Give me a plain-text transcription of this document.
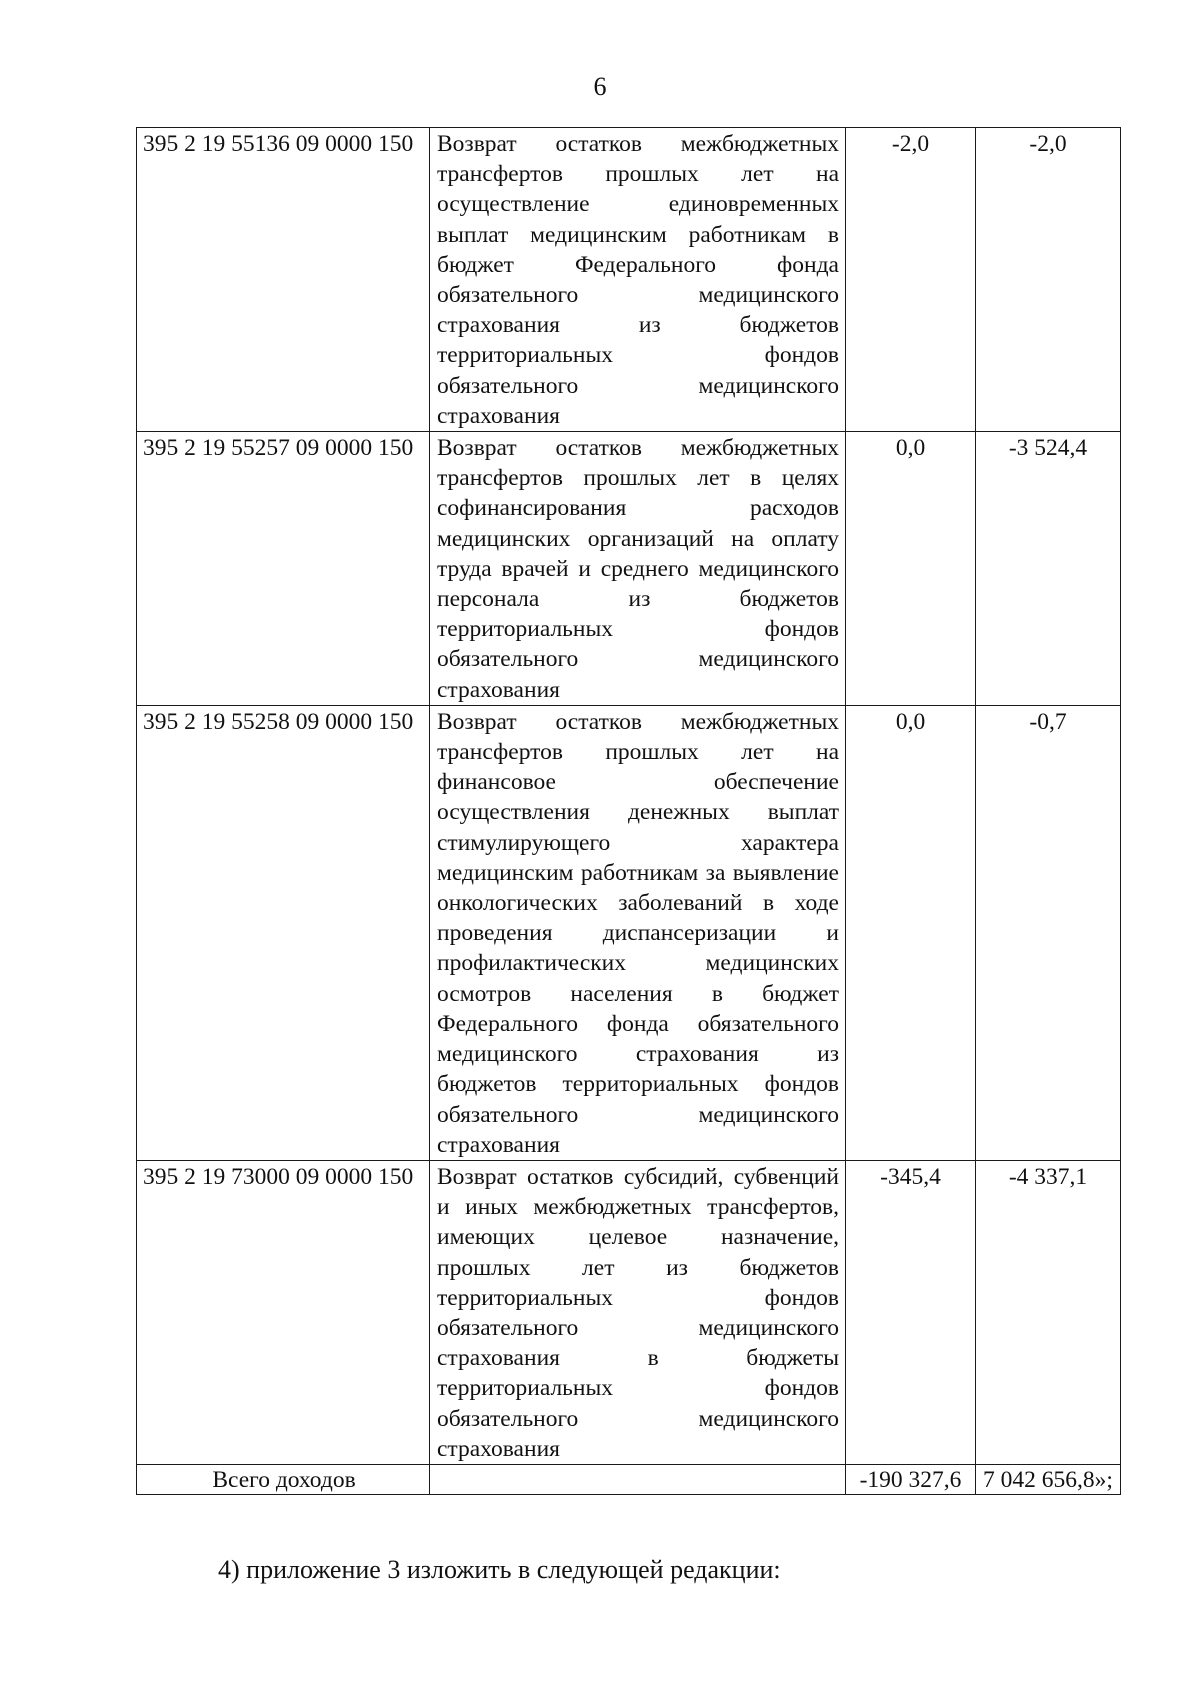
6
395 2 19 55136 09 0000 150	Возврат остатков межбюджетных трансфертов прошлых лет на осуществление единовременных выплат медицинским работникам в бюджет Федерального фонда обязательного медицинского страхования из бюджетов территориальных фондов обязательного медицинского страхования	-2,0	-2,0
395 2 19 55257 09 0000 150	Возврат остатков межбюджетных трансфертов прошлых лет в целях софинансирования расходов медицинских организаций на оплату труда врачей и среднего медицинского персонала из бюджетов территориальных фондов обязательного медицинского страхования	0,0	-3 524,4
395 2 19 55258 09 0000 150	Возврат остатков межбюджетных трансфертов прошлых лет на финансовое обеспечение осуществления денежных выплат стимулирующего характера медицинским работникам за выявление онкологических заболеваний в ходе проведения диспансеризации и профилактических медицинских осмотров населения в бюджет Федерального фонда обязательного медицинского страхования из бюджетов территориальных фондов обязательного медицинского страхования	0,0	-0,7
395 2 19 73000 09 0000 150	Возврат остатков субсидий, субвенций и иных межбюджетных трансфертов, имеющих целевое назначение, прошлых лет из бюджетов территориальных фондов обязательного медицинского страхования в бюджеты территориальных фондов обязательного медицинского страхования	-345,4	-4 337,1
Всего доходов		-190 327,6	7 042 656,8»;
4) приложение 3 изложить в следующей редакции:
